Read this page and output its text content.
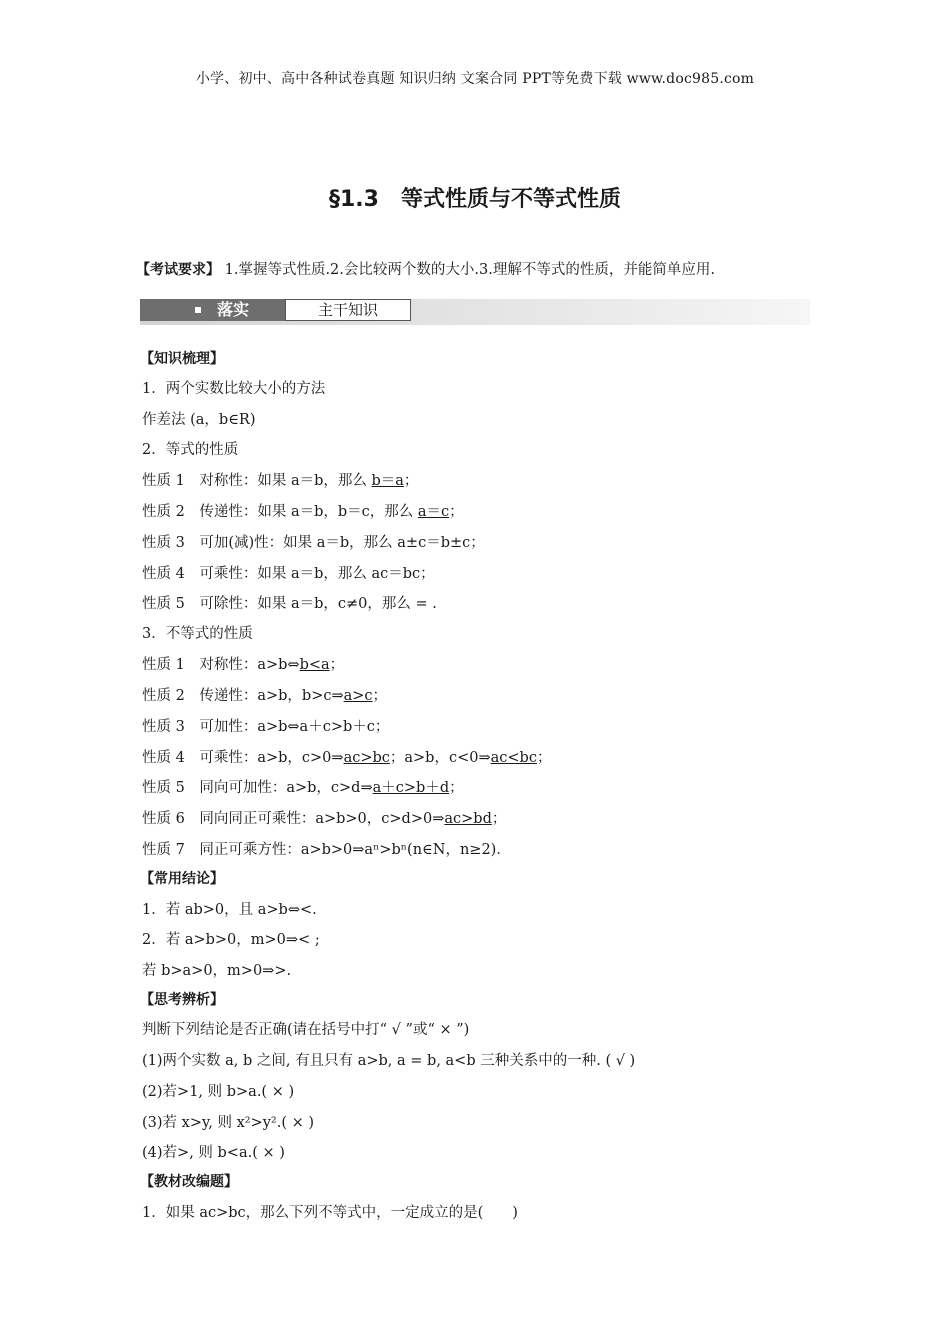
小学、初中、高中各种试卷真题 知识归纳 文案合同 PPT等免费下载 www.doc985.com
§1.3　等式性质与不等式性质
【考试要求】 1.掌握等式性质.2.会比较两个数的大小.3.理解不等式的性质，并能简单应用.
落实	主干知识
【知识梳理】
1．两个实数比较大小的方法
作差法 (a，b∈R)
2．等式的性质
性质 1　对称性：如果 a＝b，那么 b＝a；
性质 2　传递性：如果 a＝b，b＝c，那么 a＝c；
性质 3　可加(减)性：如果 a＝b，那么 a±c＝b±c；
性质 4　可乘性：如果 a＝b，那么 ac＝bc；
性质 5　可除性：如果 a＝b，c≠0，那么 = .
3．不等式的性质
性质 1　对称性：a>b⇔b<a；
性质 2　传递性：a>b，b>c⇒a>c；
性质 3　可加性：a>b⇔a＋c>b＋c；
性质 4　可乘性：a>b，c>0⇒ac>bc；a>b，c<0⇒ac<bc；
性质 5　同向可加性：a>b，c>d⇒a＋c>b＋d；
性质 6　同向同正可乘性：a>b>0，c>d>0⇒ac>bd；
性质 7　同正可乘方性：a>b>0⇒aⁿ>bⁿ(n∈N，n≥2)．
【常用结论】
1．若 ab>0，且 a>b⇔<.
2．若 a>b>0，m>0⇒< ;
若 b>a>0，m>0⇒>.
【思考辨析】
判断下列结论是否正确(请在括号中打“ √ ”或“ × ”)
(1)两个实数 a, b 之间, 有且只有 a>b, a = b, a<b 三种关系中的一种. ( √ )
(2)若>1, 则 b>a.( × )
(3)若 x>y, 则 x²>y².( × )
(4)若>, 则 b<a.( × )
【教材改编题】
1．如果 ac>bc，那么下列不等式中，一定成立的是(　　)
